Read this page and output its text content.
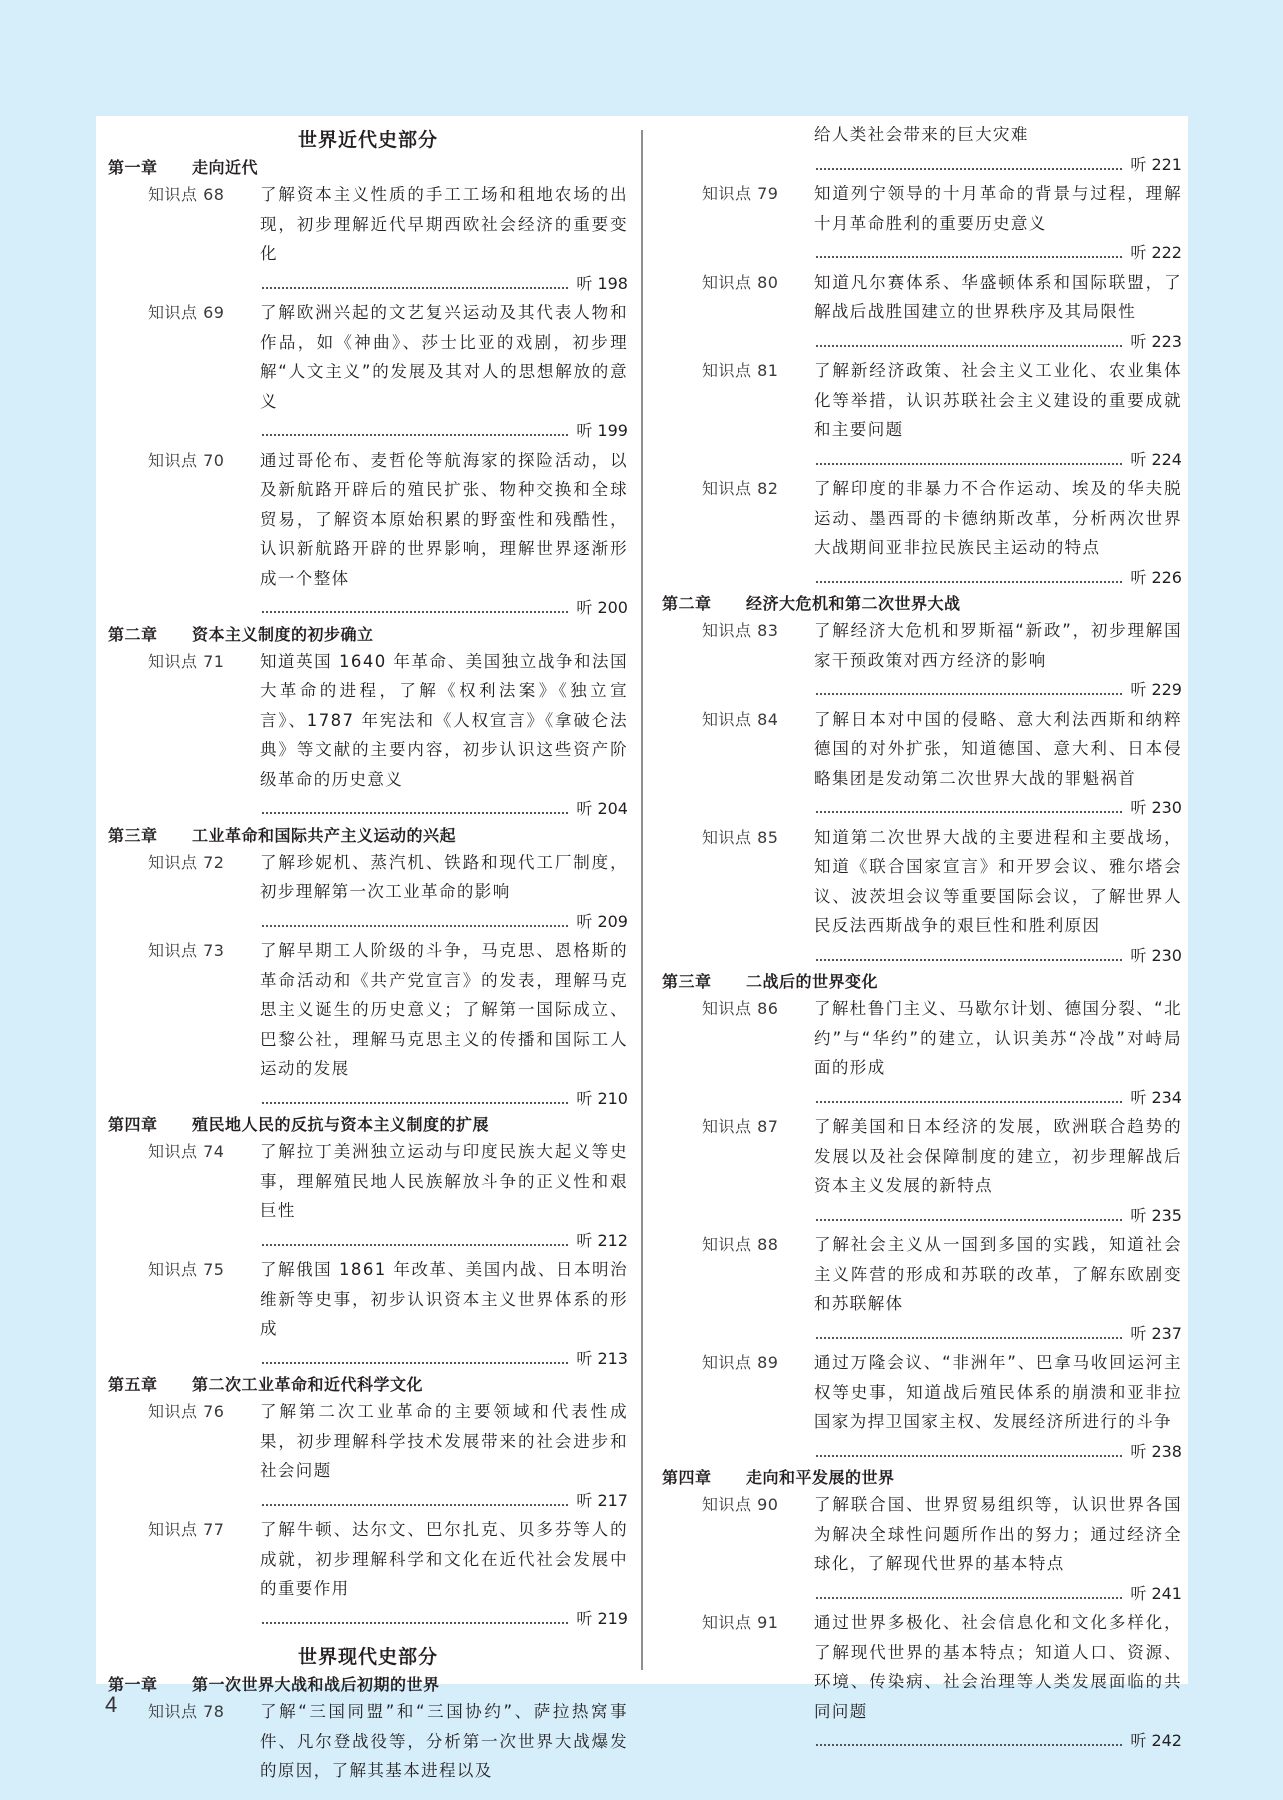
世界近代史部分
第一章	走向近代
知识点 68 了解资本主义性质的手工工场和租地农场的出现，初步理解近代早期西欧社会经济的重要变化
听 198
知识点 69 了解欧洲兴起的文艺复兴运动及其代表人物和作品，如《神曲》、莎士比亚的戏剧，初步理解“人文主义”的发展及其对人的思想解放的意义
听 199
知识点 70 通过哥伦布、麦哲伦等航海家的探险活动，以及新航路开辟后的殖民扩张、物种交换和全球贸易，了解资本原始积累的野蛮性和残酷性，认识新航路开辟的世界影响，理解世界逐渐形成一个整体
听 200
第二章	资本主义制度的初步确立
知识点 71 知道英国 1640 年革命、美国独立战争和法国大革命的进程，了解《权利法案》《独立宣言》、1787 年宪法和《人权宣言》《拿破仑法典》等文献的主要内容，初步认识这些资产阶级革命的历史意义
听 204
第三章	工业革命和国际共产主义运动的兴起
知识点 72 了解珍妮机、蒸汽机、铁路和现代工厂制度，初步理解第一次工业革命的影响
听 209
知识点 73 了解早期工人阶级的斗争，马克思、恩格斯的革命活动和《共产党宣言》的发表，理解马克思主义诞生的历史意义；了解第一国际成立、巴黎公社，理解马克思主义的传播和国际工人运动的发展
听 210
第四章	殖民地人民的反抗与资本主义制度的扩展
知识点 74 了解拉丁美洲独立运动与印度民族大起义等史事，理解殖民地人民族解放斗争的正义性和艰巨性
听 212
知识点 75 了解俄国 1861 年改革、美国内战、日本明治维新等史事，初步认识资本主义世界体系的形成
听 213
第五章	第二次工业革命和近代科学文化
知识点 76 了解第二次工业革命的主要领域和代表性成果，初步理解科学技术发展带来的社会进步和社会问题
听 217
知识点 77 了解牛顿、达尔文、巴尔扎克、贝多芬等人的成就，初步理解科学和文化在近代社会发展中的重要作用
听 219
世界现代史部分
第一章	第一次世界大战和战后初期的世界
知识点 78 了解“三国同盟”和“三国协约”、萨拉热窝事件、凡尔登战役等，分析第一次世界大战爆发的原因，了解其基本进程以及
给人类社会带来的巨大灾难
听 221
知识点 79 知道列宁领导的十月革命的背景与过程，理解十月革命胜利的重要历史意义
听 222
知识点 80 知道凡尔赛体系、华盛顿体系和国际联盟，了解战后战胜国建立的世界秩序及其局限性
听 223
知识点 81 了解新经济政策、社会主义工业化、农业集体化等举措，认识苏联社会主义建设的重要成就和主要问题
听 224
知识点 82 了解印度的非暴力不合作运动、埃及的华夫脱运动、墨西哥的卡德纳斯改革，分析两次世界大战期间亚非拉民族民主运动的特点
听 226
第二章	经济大危机和第二次世界大战
知识点 83 了解经济大危机和罗斯福“新政”，初步理解国家干预政策对西方经济的影响
听 229
知识点 84 了解日本对中国的侵略、意大利法西斯和纳粹德国的对外扩张，知道德国、意大利、日本侵略集团是发动第二次世界大战的罪魁祸首
听 230
知识点 85 知道第二次世界大战的主要进程和主要战场，知道《联合国家宣言》和开罗会议、雅尔塔会议、波茨坦会议等重要国际会议，了解世界人民反法西斯战争的艰巨性和胜利原因
听 230
第三章	二战后的世界变化
知识点 86 了解杜鲁门主义、马歇尔计划、德国分裂、“北约”与“华约”的建立，认识美苏“冷战”对峙局面的形成
听 234
知识点 87 了解美国和日本经济的发展，欧洲联合趋势的发展以及社会保障制度的建立，初步理解战后资本主义发展的新特点
听 235
知识点 88 了解社会主义从一国到多国的实践，知道社会主义阵营的形成和苏联的改革，了解东欧剧变和苏联解体
听 237
知识点 89 通过万隆会议、“非洲年”、巴拿马收回运河主权等史事，知道战后殖民体系的崩溃和亚非拉国家为捍卫国家主权、发展经济所进行的斗争
听 238
第四章	走向和平发展的世界
知识点 90 了解联合国、世界贸易组织等，认识世界各国为解决全球性问题所作出的努力；通过经济全球化，了解现代世界的基本特点
听 241
知识点 91 通过世界多极化、社会信息化和文化多样化，了解现代世界的基本特点；知道人口、资源、环境、传染病、社会治理等人类发展面临的共同问题
听 242
4
